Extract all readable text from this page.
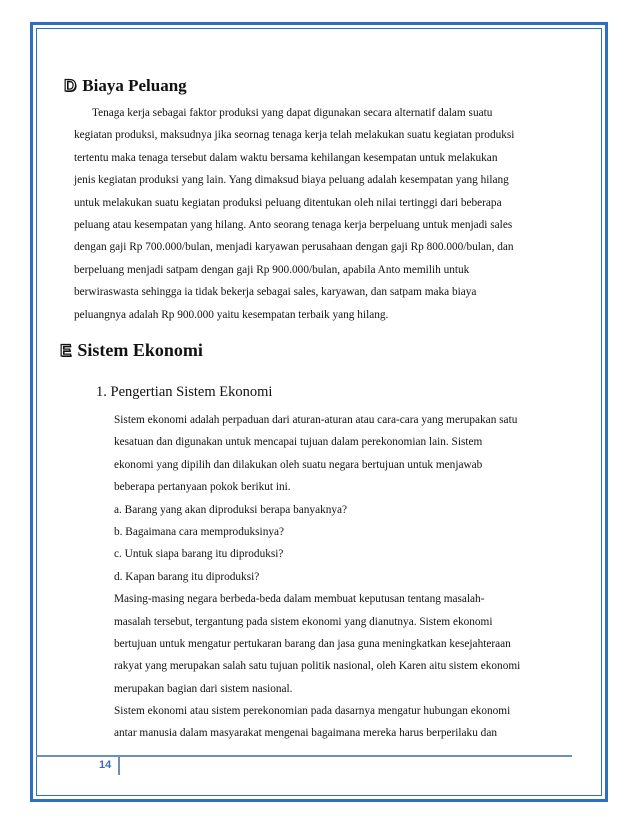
D Biaya Peluang
Tenaga kerja sebagai faktor produksi yang dapat digunakan secara alternatif dalam suatu
kegiatan produksi, maksudnya jika seornag tenaga kerja telah melakukan suatu kegiatan produksi
tertentu maka tenaga tersebut dalam waktu bersama kehilangan kesempatan untuk melakukan
jenis kegiatan produksi yang lain. Yang dimaksud biaya peluang adalah kesempatan yang hilang
untuk melakukan suatu kegiatan produksi peluang ditentukan oleh nilai tertinggi dari beberapa
peluang atau kesempatan yang hilang. Anto seorang tenaga kerja berpeluang untuk menjadi sales
dengan gaji Rp 700.000/bulan, menjadi karyawan perusahaan dengan gaji Rp 800.000/bulan, dan
berpeluang menjadi satpam dengan gaji Rp 900.000/bulan, apabila Anto memilih untuk
berwiraswasta sehingga ia tidak bekerja sebagai sales, karyawan, dan satpam maka biaya
peluangnya adalah Rp 900.000 yaitu kesempatan terbaik yang hilang.
E Sistem Ekonomi
1. Pengertian Sistem Ekonomi
Sistem ekonomi adalah perpaduan dari aturan-aturan atau cara-cara yang merupakan satu
kesatuan dan digunakan untuk mencapai tujuan dalam perekonomian lain. Sistem
ekonomi yang dipilih dan dilakukan oleh suatu negara bertujuan untuk menjawab
beberapa pertanyaan pokok berikut ini.
a. Barang yang akan diproduksi berapa banyaknya?
b. Bagaimana cara memproduksinya?
c. Untuk siapa barang itu diproduksi?
d. Kapan barang itu diproduksi?
Masing-masing negara berbeda-beda dalam membuat keputusan tentang masalah-
masalah tersebut, tergantung pada sistem ekonomi yang dianutnya. Sistem ekonomi
bertujuan untuk mengatur pertukaran barang dan jasa guna meningkatkan kesejahteraan
rakyat yang merupakan salah satu tujuan politik nasional, oleh Karen aitu sistem ekonomi
merupakan bagian dari sistem nasional.
Sistem ekonomi atau sistem perekonomian pada dasarnya mengatur hubungan ekonomi
antar manusia dalam masyarakat mengenai bagaimana mereka harus berperilaku dan
14
